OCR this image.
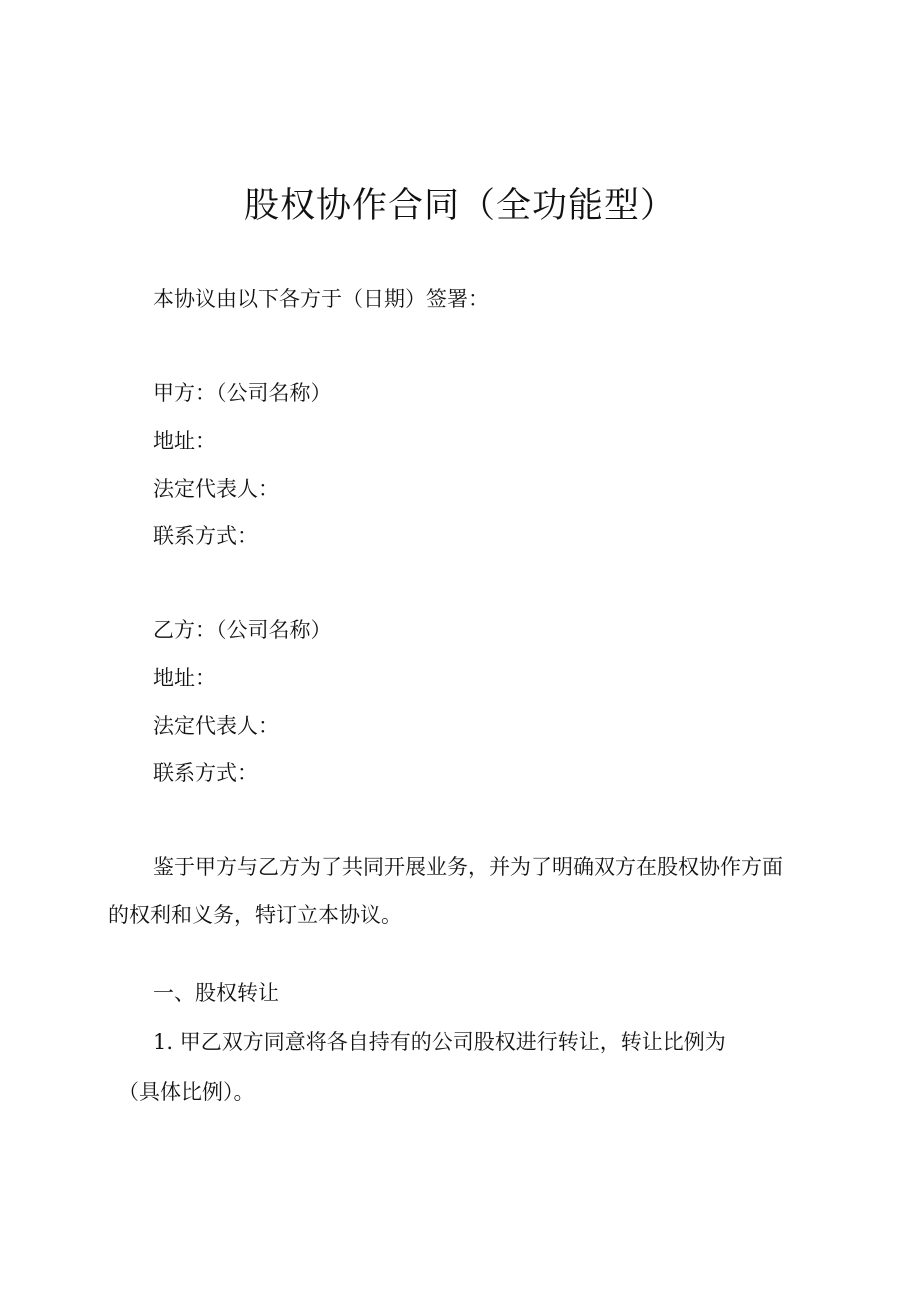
股权协作合同（全功能型）
本协议由以下各方于（日期）签署：
甲方：（公司名称）
地址：
法定代表人：
联系方式：
乙方：（公司名称）
地址：
法定代表人：
联系方式：
鉴于甲方与乙方为了共同开展业务，并为了明确双方在股权协作方面
的权利和义务，特订立本协议。
一、股权转让
1. 甲乙双方同意将各自持有的公司股权进行转让，转让比例为
（具体比例）。
